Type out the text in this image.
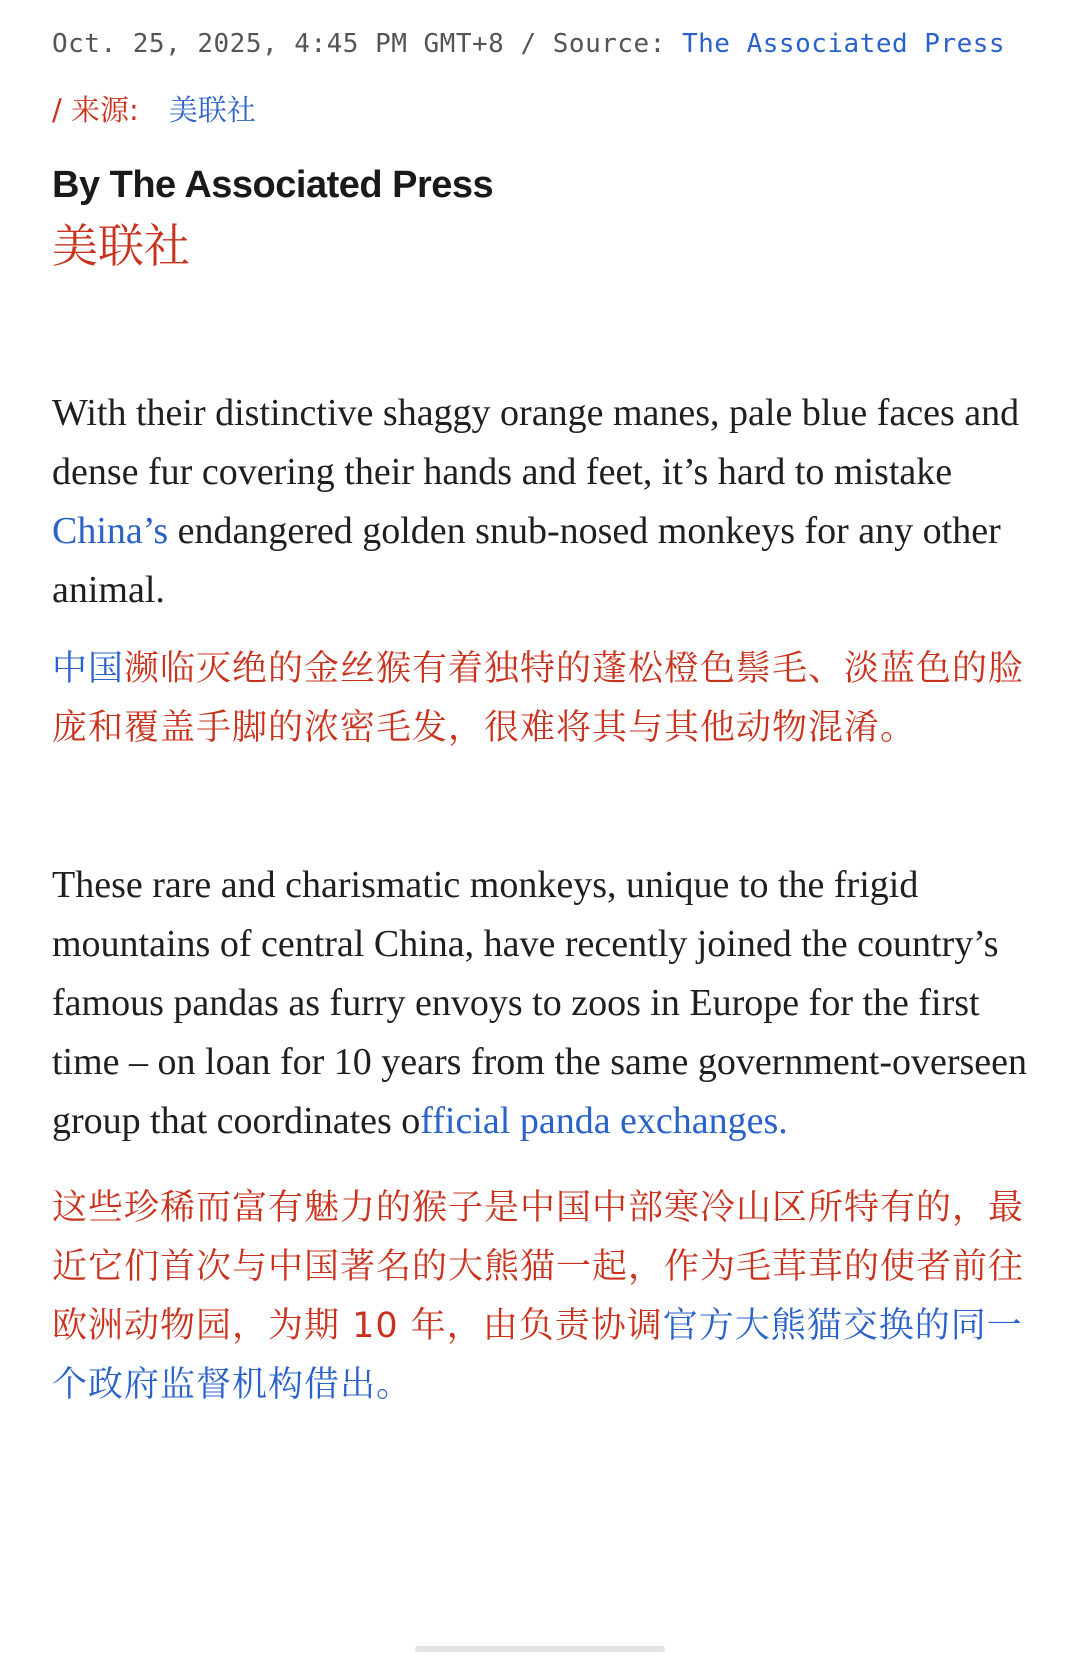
Oct. 25, 2025, 4:45 PM GMT+8 / Source: The Associated Press
/ 来源: 美联社
By The Associated Press
美联社

With their distinctive shaggy orange manes, pale blue faces and dense fur covering their hands and feet, it’s hard to mistake China’s endangered golden snub-nosed monkeys for any other animal.

中国濒临灭绝的金丝猴有着独特的蓬松橙色鬃毛、淡蓝色的脸庞和覆盖手脚的浓密毛发，很难将其与其他动物混淆。

These rare and charismatic monkeys, unique to the frigid mountains of central China, have recently joined the country’s famous pandas as furry envoys to zoos in Europe for the first time – on loan for 10 years from the same government-overseen group that coordinates official panda exchanges.

这些珍稀而富有魅力的猴子是中国中部寒冷山区所特有的，最近它们首次与中国著名的大熊猫一起，作为毛茸茸的使者前往欧洲动物园，为期 10 年，由负责协调官方大熊猫交换的同一个政府监督机构借出。
